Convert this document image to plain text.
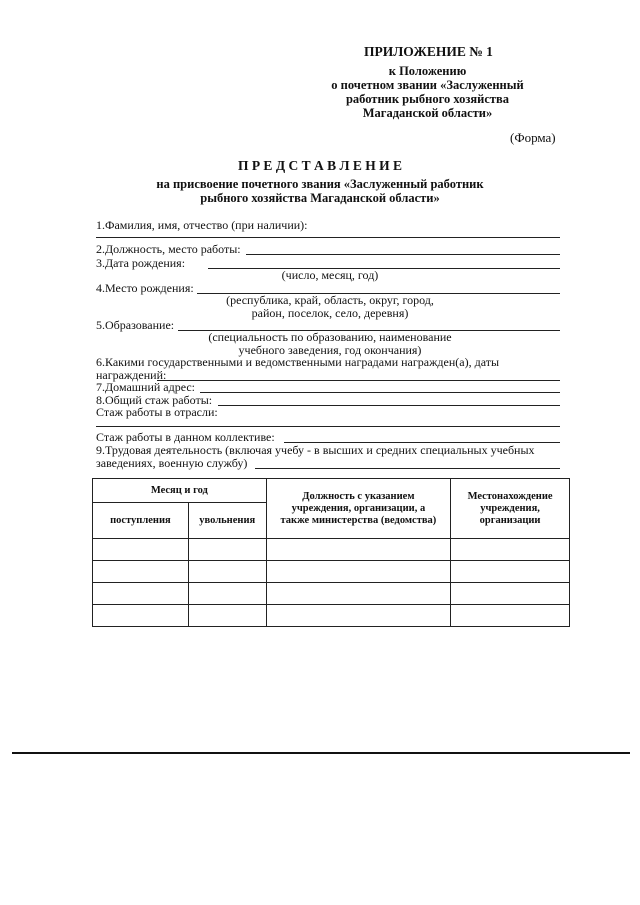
ПРИЛОЖЕНИЕ № 1
к Положению
о почетном звании «Заслуженный
работник рыбного хозяйства
Магаданской области»
(Форма)
П Р Е Д С Т А В Л Е Н И Е
на присвоение почетного звания «Заслуженный работник
рыбного хозяйства Магаданской области»
1.Фамилия, имя, отчество (при наличии):
2.Должность, место работы:
3.Дата рождения:
(число, месяц, год)
4.Место рождения:
(республика, край, область, округ, город,
район, поселок, село, деревня)
5.Образование:
(специальность по образованию, наименование
учебного заведения, год окончания)
6.Какими государственными и ведомственными наградами награжден(а), даты
награждений:
7.Домашний адрес:
8.Общий стаж работы:
Стаж работы в отрасли:
Стаж работы в данном коллективе:
9.Трудовая деятельность (включая учебу - в высших и средних специальных учебных
заведениях, военную службу)
Месяц и год		Должность с указанием учреждения, организации, а также министерства (ведомства)	Местонахождение учреждения, организации
поступления	увольнения		
